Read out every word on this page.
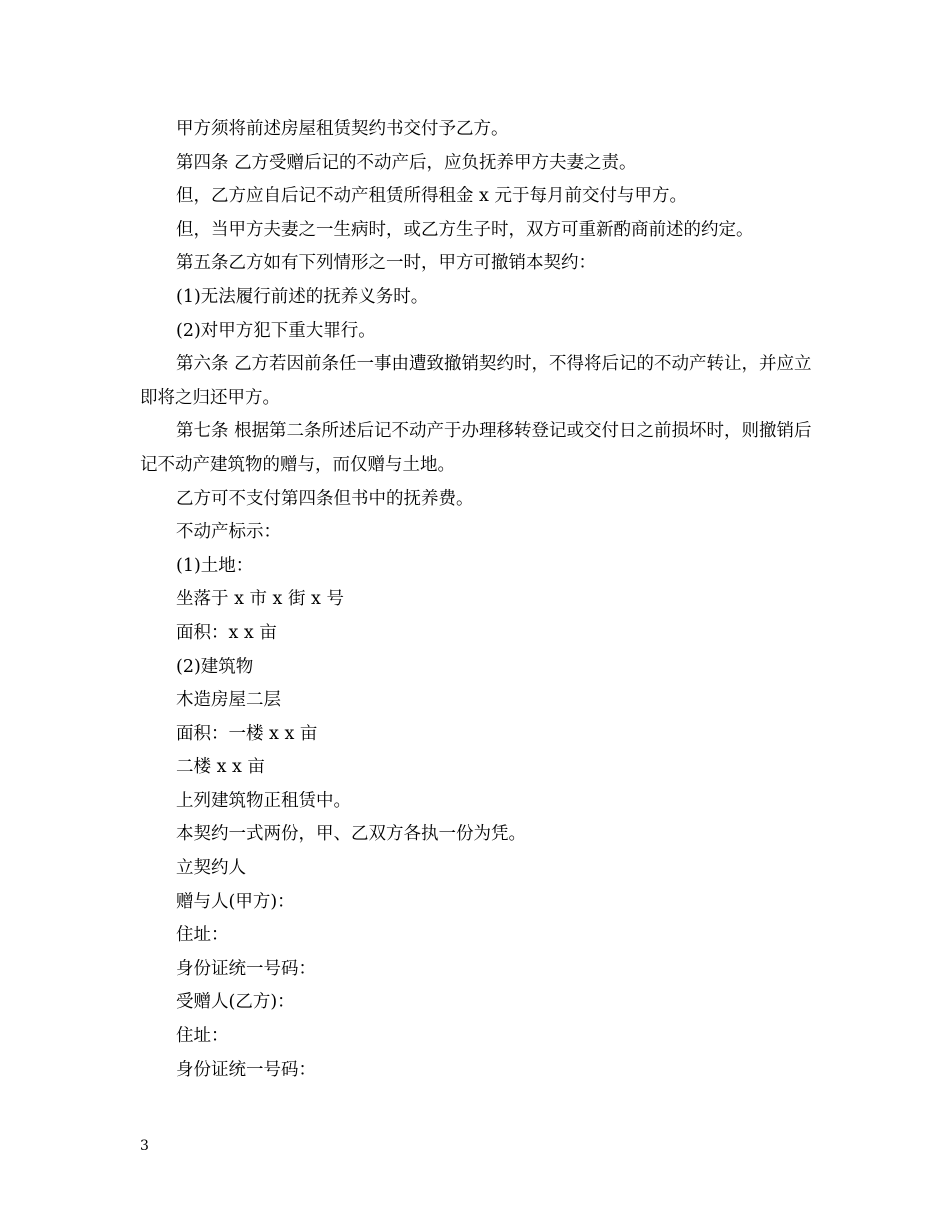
甲方须将前述房屋租赁契约书交付予乙方。

第四条 乙方受赠后记的不动产后，应负抚养甲方夫妻之责。

但，乙方应自后记不动产租赁所得租金 x 元于每月前交付与甲方。

但，当甲方夫妻之一生病时，或乙方生子时，双方可重新酌商前述的约定。

第五条乙方如有下列情形之一时，甲方可撤销本契约：

(1)无法履行前述的抚养义务时。

(2)对甲方犯下重大罪行。

第六条 乙方若因前条任一事由遭致撤销契约时，不得将后记的不动产转让，并应立即将之归还甲方。

第七条 根据第二条所述后记不动产于办理移转登记或交付日之前损坏时，则撤销后记不动产建筑物的赠与，而仅赠与土地。

乙方可不支付第四条但书中的抚养费。

不动产标示：

(1)土地：

坐落于 x 市 x 街 x 号

面积：x x 亩

(2)建筑物

木造房屋二层

面积：一楼 x x 亩

二楼 x x 亩

上列建筑物正租赁中。

本契约一式两份，甲、乙双方各执一份为凭。

立契约人

赠与人(甲方)：

住址：

身份证统一号码：

受赠人(乙方)：

住址：

身份证统一号码：

3
